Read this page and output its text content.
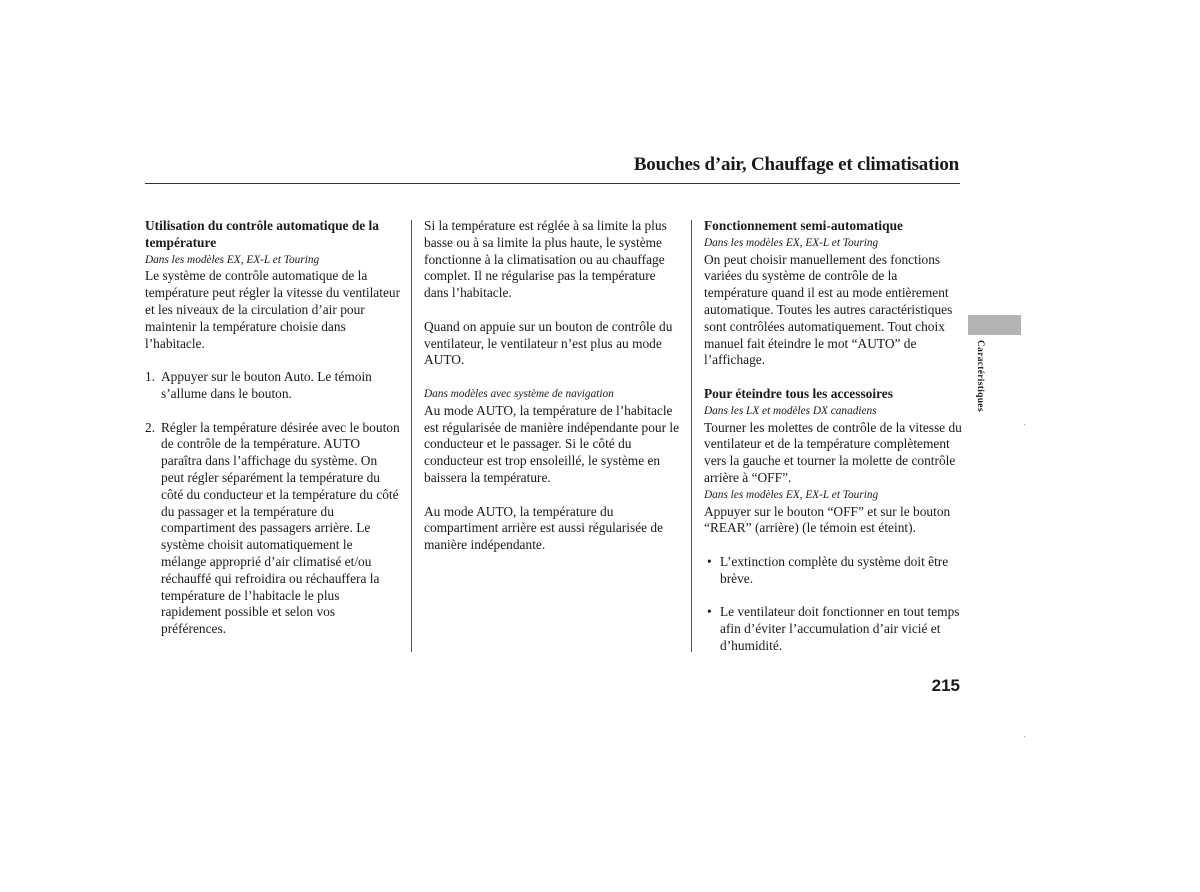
Bouches d’air, Chauffage et climatisation

Utilisation du contrôle automatique de la température

Dans les modèles EX, EX-L et Touring

Le système de contrôle automatique de la température peut régler la vitesse du ventilateur et les niveaux de la circulation d’air pour maintenir la température choisie dans l’habitacle.

1. Appuyer sur le bouton Auto. Le témoin s’allume dans le bouton.
2. Régler la température désirée avec le bouton de contrôle de la température. AUTO paraîtra dans l’affichage du système. On peut régler séparément la température du côté du conducteur et la température du côté du passager et la température du compartiment des passagers arrière. Le système choisit automatiquement le mélange approprié d’air climatisé et/ou réchauffé qui refroidira ou réchauffera la température de l’habitacle le plus rapidement possible et selon vos préférences.

Si la température est réglée à sa limite la plus basse ou à sa limite la plus haute, le système fonctionne à la climatisation ou au chauffage complet. Il ne régularise pas la température dans l’habitacle.

Quand on appuie sur un bouton de contrôle du ventilateur, le ventilateur n’est plus au mode AUTO.

Dans modèles avec système de navigation

Au mode AUTO, la température de l’habitacle est régularisée de manière indépendante pour le conducteur et le passager. Si le côté du conducteur est trop ensoleillé, le système en baissera la température.

Au mode AUTO, la température du compartiment arrière est aussi régularisée de manière indépendante.

Fonctionnement semi-automatique

Dans les modèles EX, EX-L et Touring

On peut choisir manuellement des fonctions variées du système de contrôle de la température quand il est au mode entièrement automatique. Toutes les autres caractéristiques sont contrôlées automatiquement. Tout choix manuel fait éteindre le mot “AUTO” de l’affichage.

Pour éteindre tous les accessoires

Dans les LX et modèles DX canadiens

Tourner les molettes de contrôle de la vitesse du ventilateur et de la température complètement vers la gauche et tourner la molette de contrôle arrière à “OFF”.

Dans les modèles EX, EX-L et Touring

Appuyer sur le bouton “OFF” et sur le bouton “REAR” (arrière) (le témoin est éteint).

• L’extinction complète du système doit être brève.
• Le ventilateur doit fonctionner en tout temps afin d’éviter l’accumulation d’air vicié et d’humidité.
215
Caractéristiques
